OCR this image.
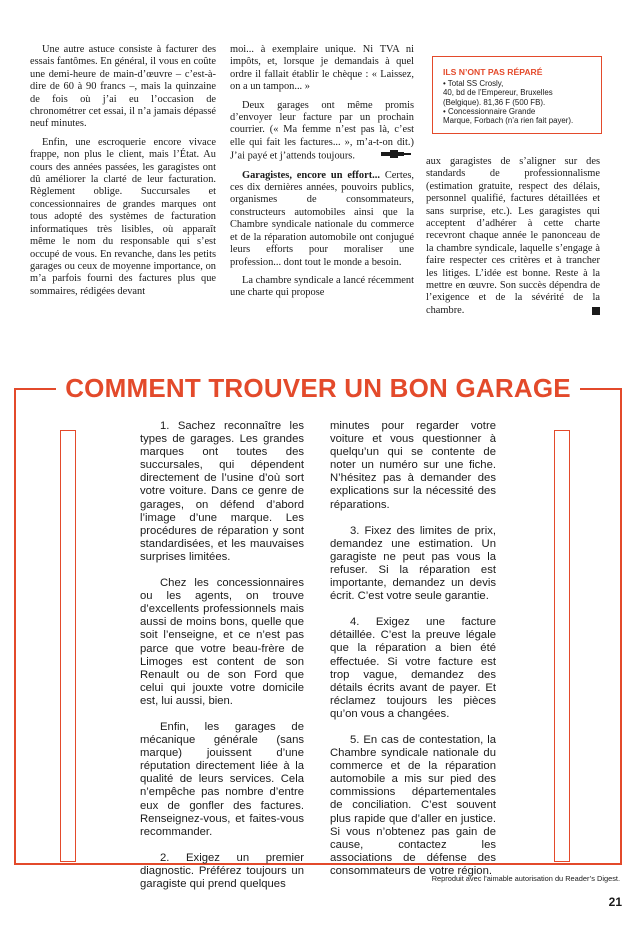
Une autre astuce consiste à facturer des essais fantômes. En général, il vous en coûte une demi-heure de main-d’œuvre – c’est-à-dire de 60 à 90 francs –, mais la quinzaine de fois où j’ai eu l’occasion de chronométrer cet essai, il n’a jamais dépassé neuf minutes.

Enfin, une escroquerie encore vivace frappe, non plus le client, mais l’État. Au cours des années passées, les garagistes ont dû améliorer la clarté de leur facturation. Règlement oblige. Succursales et concessionnaires de grandes marques ont tous adopté des systèmes de facturation informatiques très lisibles, où apparaît même le nom du responsable qui s’est occupé de vous. En revanche, dans les petits garages ou ceux de moyenne importance, on m’a parfois fourni des factures plus que sommaires, rédigées devant

moi... à exemplaire unique. Ni TVA ni impôts, et, lorsque je demandais à quel ordre il fallait établir le chèque : « Laissez, on a un tampon... »

Deux garages ont même promis d’envoyer leur facture par un prochain courrier. (« Ma femme n’est pas là, c’est elle qui fait les factures... », m’a-t-on dit.) J’ai payé et j’attends toujours.

Garagistes, encore un effort... Certes, ces dix dernières années, pouvoirs publics, organismes de consommateurs, constructeurs automobiles ainsi que la Chambre syndicale nationale du commerce et de la réparation automobile ont conjugué leurs efforts pour moraliser une profession... dont tout le monde a besoin.

La chambre syndicale a lancé récemment une charte qui propose

ILS N’ONT PAS RÉPARÉ
• Total SS Crosly,
40, bd de l’Empereur, Bruxelles
(Belgique). 81,36 F (500 FB).
• Concessionnaire Grande
Marque, Forbach (n’a rien fait payer).

aux garagistes de s’aligner sur des standards de professionnalisme (estimation gratuite, respect des délais, personnel qualifié, factures détaillées et sans surprise, etc.). Les garagistes qui acceptent d’adhérer à cette charte recevront chaque année le panonceau de la chambre syndicale, laquelle s’engage à faire respecter ces critères et à trancher les litiges. L’idée est bonne. Reste à la mettre en œuvre. Son succès dépendra de l’exigence et de la sévérité de la chambre.

COMMENT TROUVER UN BON GARAGE

1. Sachez reconnaître les types de garages. Les grandes marques ont toutes des succursales, qui dépendent directement de l’usine d’où sort votre voiture. Dans ce genre de garages, on défend d’abord l’image d’une marque. Les procédures de réparation y sont standardisées, et les mauvaises surprises limitées.

Chez les concessionnaires ou les agents, on trouve d’excellents professionnels mais aussi de moins bons, quelle que soit l’enseigne, et ce n’est pas parce que votre beau-frère de Limoges est content de son Renault ou de son Ford que celui qui jouxte votre domicile est, lui aussi, bien.

Enfin, les garages de mécanique générale (sans marque) jouissent d’une réputation directement liée à la qualité de leurs services. Cela n’empêche pas nombre d’entre eux de gonfler des factures. Renseignez-vous, et faites-vous recommander.

2. Exigez un premier diagnostic. Préférez toujours un garagiste qui prend quelques

minutes pour regarder votre voiture et vous questionner à quelqu’un qui se contente de noter un numéro sur une fiche. N’hésitez pas à demander des explications sur la nécessité des réparations.

3. Fixez des limites de prix, demandez une estimation. Un garagiste ne peut pas vous la refuser. Si la réparation est importante, demandez un devis écrit. C’est votre seule garantie.

4. Exigez une facture détaillée. C’est la preuve légale que la réparation a bien été effectuée. Si votre facture est trop vague, demandez des détails écrits avant de payer. Et réclamez toujours les pièces qu’on vous a changées.

5. En cas de contestation, la Chambre syndicale nationale du commerce et de la réparation automobile a mis sur pied des commissions départementales de conciliation. C’est souvent plus rapide que d’aller en justice. Si vous n’obtenez pas gain de cause, contactez les associations de défense des consommateurs de votre région.

Reproduit avec l’aimable autorisation du Reader’s Digest.
21
